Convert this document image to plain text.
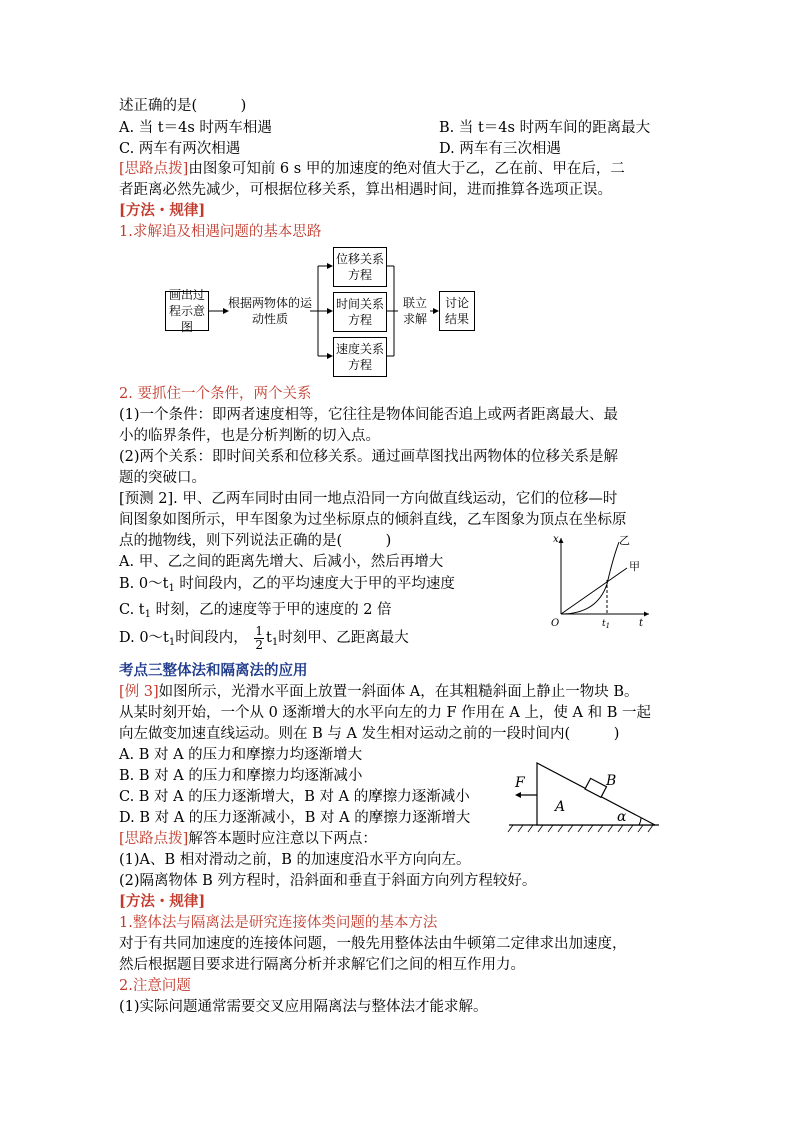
述正确的是(　　　)
A. 当 t＝4s 时两车相遇	B. 当 t＝4s 时两车间的距离最大
C. 两车有两次相遇	D. 两车有三次相遇
[思路点拨]由图象可知前 6 s 甲的加速度的绝对值大于乙，乙在前、甲在后，二
者距离必然先减少，可根据位移关系，算出相遇时间，进而推算各选项正误。
[方法・规律]
1.求解追及相遇问题的基本思路
画出过程示意图
根据两物体的运动性质
位移关系方程
时间关系方程
速度关系方程
联立求解
讨论结果
2. 要抓住一个条件，两个关系
(1)一个条件：即两者速度相等，它往往是物体间能否追上或两者距离最大、最
小的临界条件，也是分析判断的切入点。
(2)两个关系：即时间关系和位移关系。通过画草图找出两物体的位移关系是解
题的突破口。
[预测 2]. 甲、乙两车同时由同一地点沿同一方向做直线运动，它们的位移—时
间图象如图所示，甲车图象为过坐标原点的倾斜直线，乙车图象为顶点在坐标原
点的抛物线，则下列说法正确的是(　　　)
A. 甲、乙之间的距离先增大、后减小，然后再增大
B. $0\sim t_1$ 时间段内，乙的平均速度大于甲的平均速度
C. $t_1$ 时刻，乙的速度等于甲的速度的 2 倍
D. $0\sim t_1$时间段内， $\frac{1}{2} t_1$时刻甲、乙距离最大
x
t
O	$t_1$
甲
乙
考点三整体法和隔离法的应用
[例 3]如图所示，光滑水平面上放置一斜面体 A，在其粗糙斜面上静止一物块 B。
从某时刻开始，一个从 0 逐渐增大的水平向左的力 F 作用在 A 上，使 A 和 B 一起
向左做变加速直线运动。则在 B 与 A 发生相对运动之前的一段时间内(　　　)
A. B 对 A 的压力和摩擦力均逐渐增大
B. B 对 A 的压力和摩擦力均逐渐减小
C. B 对 A 的压力逐渐增大，B 对 A 的摩擦力逐渐减小
D. B 对 A 的压力逐渐减小，B 对 A 的摩擦力逐渐增大
F	B
A
α
[思路点拨]解答本题时应注意以下两点：
(1)A、B 相对滑动之前，B 的加速度沿水平方向向左。
(2)隔离物体 B 列方程时，沿斜面和垂直于斜面方向列方程较好。
[方法・规律]
1.整体法与隔离法是研究连接体类问题的基本方法
对于有共同加速度的连接体问题，一般先用整体法由牛顿第二定律求出加速度，
然后根据题目要求进行隔离分析并求解它们之间的相互作用力。
2.注意问题
(1)实际问题通常需要交叉应用隔离法与整体法才能求解。
